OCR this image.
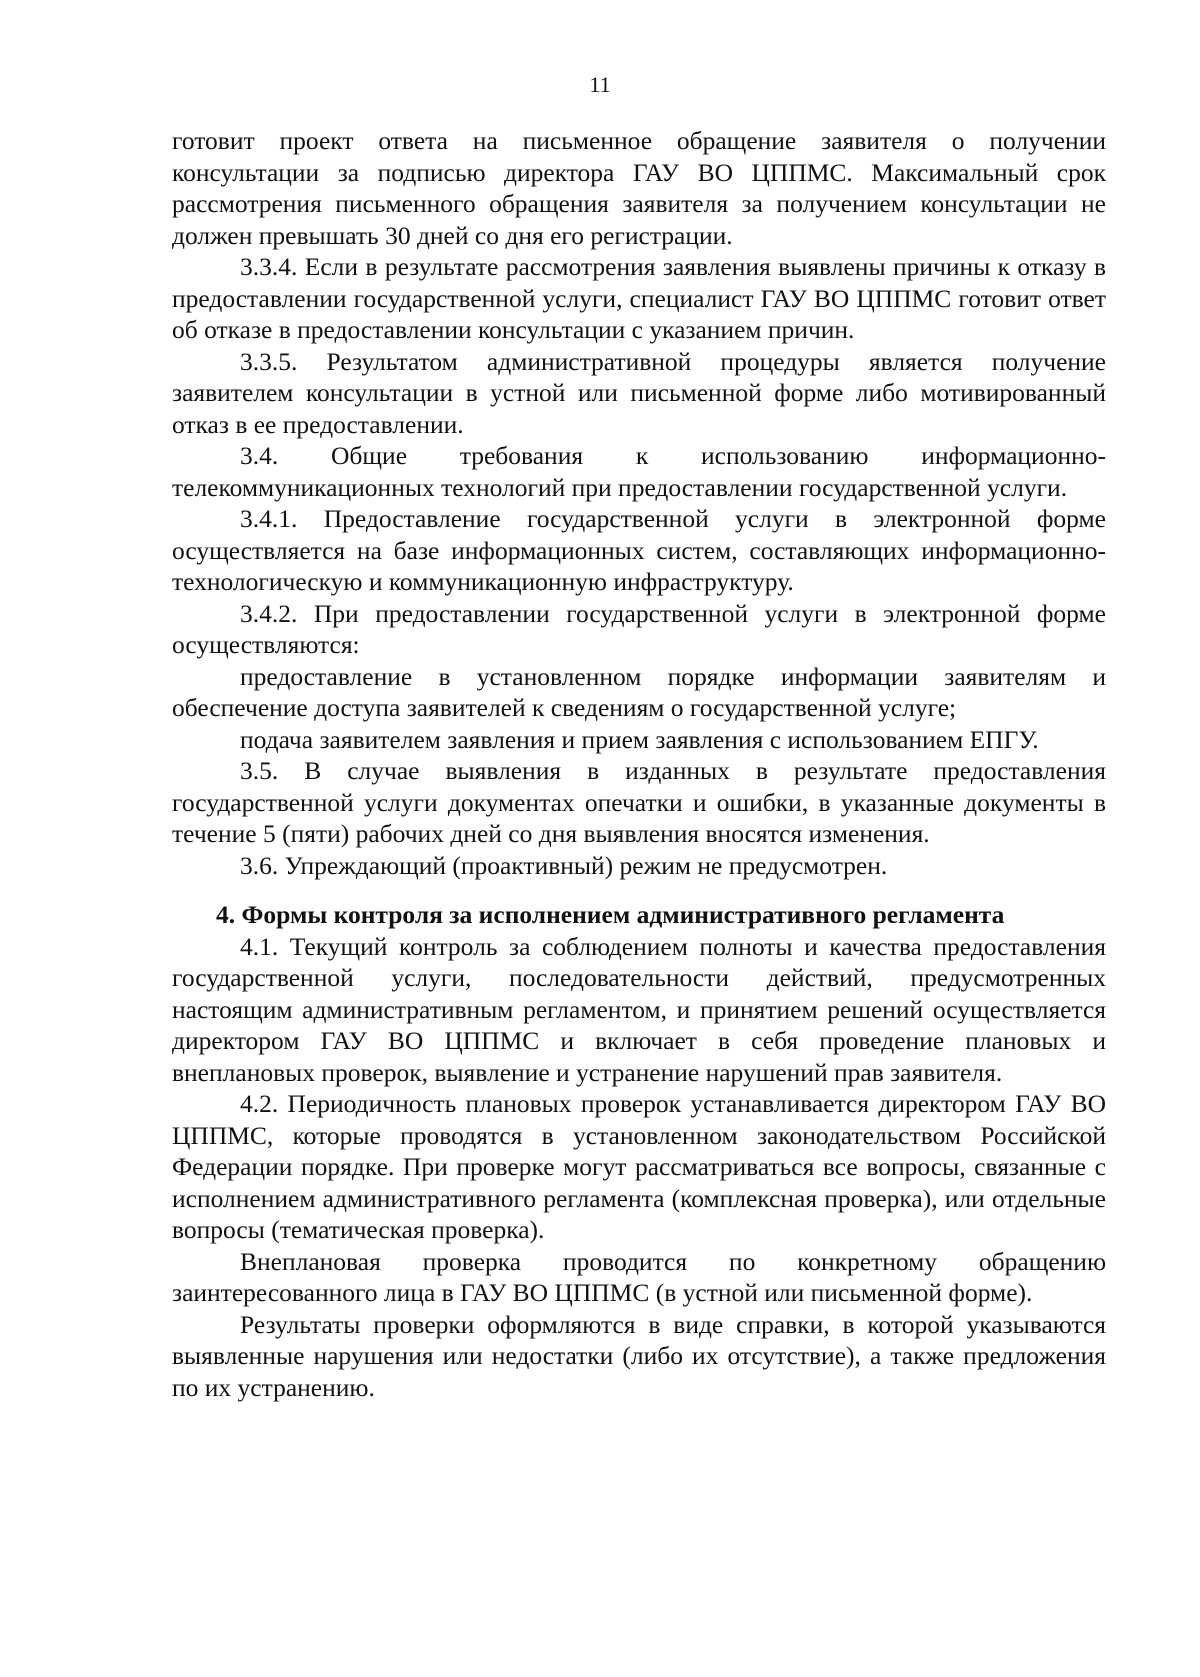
11

готовит проект ответа на письменное обращение заявителя о получении консультации за подписью директора ГАУ ВО ЦППМС. Максимальный срок рассмотрения письменного обращения заявителя за получением консультации не должен превышать 30 дней со дня его регистрации.

3.3.4. Если в результате рассмотрения заявления выявлены причины к отказу в предоставлении государственной услуги, специалист ГАУ ВО ЦППМС готовит ответ об отказе в предоставлении консультации с указанием причин.

3.3.5. Результатом административной процедуры является получение заявителем консультации в устной или письменной форме либо мотивированный отказ в ее предоставлении.

3.4. Общие требования к использованию информационно-телекоммуникационных технологий при предоставлении государственной услуги.

3.4.1. Предоставление государственной услуги в электронной форме осуществляется на базе информационных систем, составляющих информационно-технологическую и коммуникационную инфраструктуру.

3.4.2. При предоставлении государственной услуги в электронной форме осуществляются:

предоставление в установленном порядке информации заявителям и обеспечение доступа заявителей к сведениям о государственной услуге;

подача заявителем заявления и прием заявления с использованием ЕПГУ.

3.5. В случае выявления в изданных в результате предоставления государственной услуги документах опечатки и ошибки, в указанные документы в течение 5 (пяти) рабочих дней со дня выявления вносятся изменения.

3.6. Упреждающий (проактивный) режим не предусмотрен.

4. Формы контроля за исполнением административного регламента

4.1. Текущий контроль за соблюдением полноты и качества предоставления государственной услуги, последовательности действий, предусмотренных настоящим административным регламентом, и принятием решений осуществляется директором ГАУ ВО ЦППМС и включает в себя проведение плановых и внеплановых проверок, выявление и устранение нарушений прав заявителя.

4.2. Периодичность плановых проверок устанавливается директором ГАУ ВО ЦППМС, которые проводятся в установленном законодательством Российской Федерации порядке. При проверке могут рассматриваться все вопросы, связанные с исполнением административного регламента (комплексная проверка), или отдельные вопросы (тематическая проверка).

Внеплановая проверка проводится по конкретному обращению заинтересованного лица в ГАУ ВО ЦППМС (в устной или письменной форме).

Результаты проверки оформляются в виде справки, в которой указываются выявленные нарушения или недостатки (либо их отсутствие), а также предложения по их устранению.
